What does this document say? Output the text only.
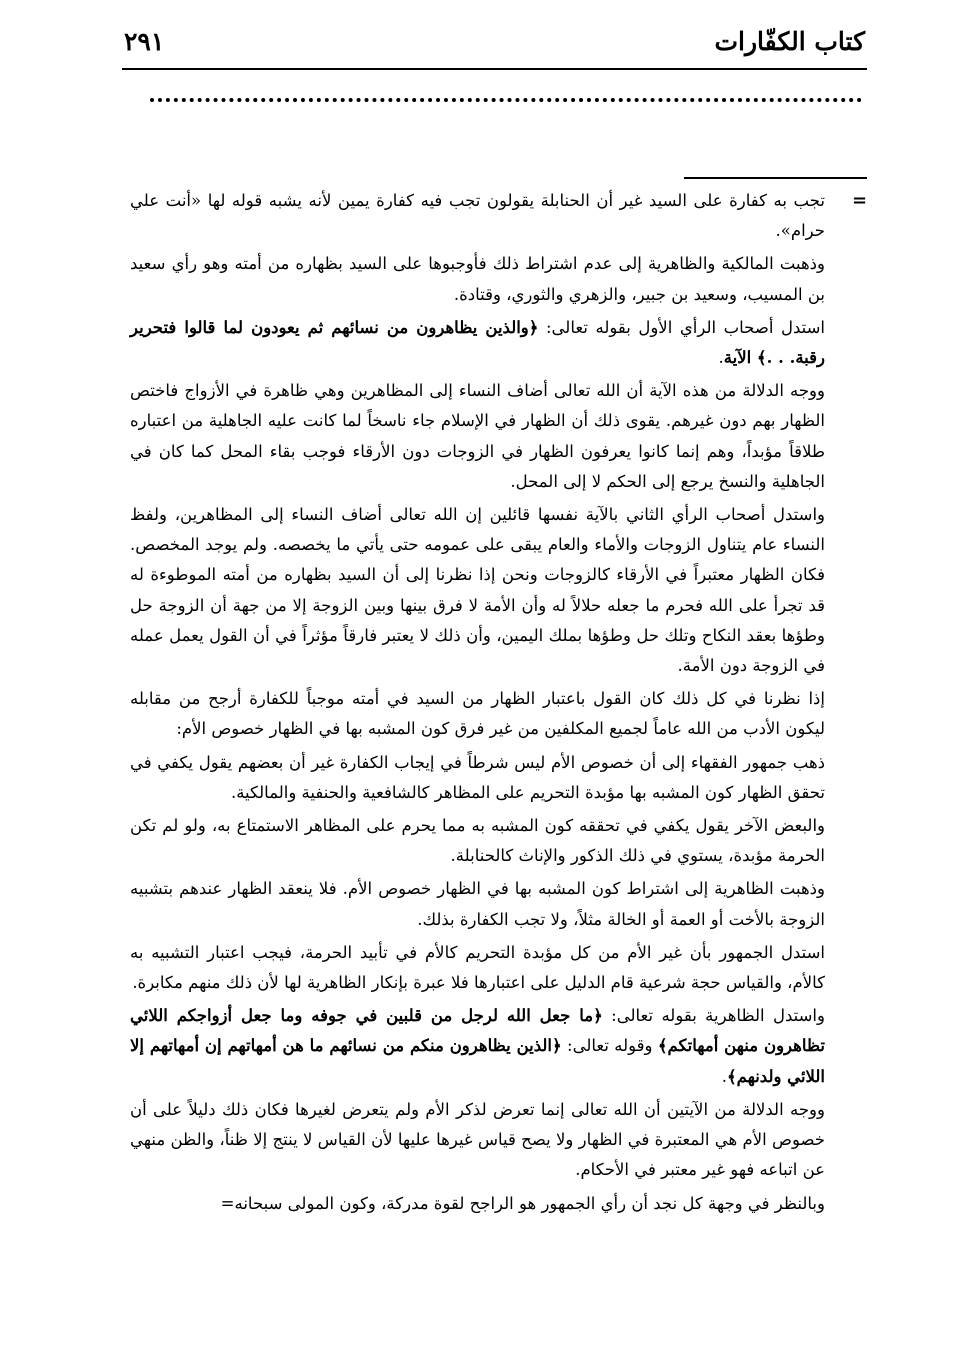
كتاب الكفّارات
٢٩١
=

تجب به كفارة على السيد غير أن الحنابلة يقولون تجب فيه كفارة يمين لأنه يشبه قوله لها «أنت علي حرام».

وذهبت المالكية والظاهرية إلى عدم اشتراط ذلك فأوجبوها على السيد بظهاره من أمته وهو رأي سعيد بن المسيب، وسعيد بن جبير، والزهري والثوري، وقتادة.

استدل أصحاب الرأي الأول بقوله تعالى: ﴿والذين يظاهرون من نسائهم ثم يعودون لما قالوا فتحرير رقبة. . .﴾ الآية.

ووجه الدلالة من هذه الآية أن الله تعالى أضاف النساء إلى المظاهرين وهي ظاهرة في الأزواج فاختص الظهار بهم دون غيرهم. يقوى ذلك أن الظهار في الإسلام جاء ناسخاً لما كانت عليه الجاهلية من اعتباره طلاقاً مؤبداً، وهم إنما كانوا يعرفون الظهار في الزوجات دون الأرقاء فوجب بقاء المحل كما كان في الجاهلية والنسخ يرجع إلى الحكم لا إلى المحل.

واستدل أصحاب الرأي الثاني بالآية نفسها قائلين إن الله تعالى أضاف النساء إلى المظاهرين، ولفظ النساء عام يتناول الزوجات والأماء والعام يبقى على عمومه حتى يأتي ما يخصصه. ولم يوجد المخصص. فكان الظهار معتبراً في الأرقاء كالزوجات ونحن إذا نظرنا إلى أن السيد بظهاره من أمته الموطوءة له قد تجرأ على الله فحرم ما جعله حلالاً له وأن الأمة لا فرق بينها وبين الزوجة إلا من جهة أن الزوجة حل وطؤها بعقد النكاح وتلك حل وطؤها بملك اليمين، وأن ذلك لا يعتبر فارقاً مؤثراً في أن القول يعمل عمله في الزوجة دون الأمة.

إذا نظرنا في كل ذلك كان القول باعتبار الظهار من السيد في أمته موجباً للكفارة أرجح من مقابله ليكون الأدب من الله عاماً لجميع المكلفين من غير فرق كون المشبه بها في الظهار خصوص الأم:

ذهب جمهور الفقهاء إلى أن خصوص الأم ليس شرطاً في إيجاب الكفارة غير أن بعضهم يقول يكفي في تحقق الظهار كون المشبه بها مؤبدة التحريم على المظاهر كالشافعية والحنفية والمالكية.

والبعض الآخر يقول يكفي في تحققه كون المشبه به مما يحرم على المظاهر الاستمتاع به، ولو لم تكن الحرمة مؤبدة، يستوي في ذلك الذكور والإناث كالحنابلة.

وذهبت الظاهرية إلى اشتراط كون المشبه بها في الظهار خصوص الأم. فلا ينعقد الظهار عندهم بتشبيه الزوجة بالأخت أو العمة أو الخالة مثلاً، ولا تجب الكفارة بذلك.

استدل الجمهور بأن غير الأم من كل مؤبدة التحريم كالأم في تأبيد الحرمة، فيجب اعتبار التشبيه به كالأم، والقياس حجة شرعية قام الدليل على اعتبارها فلا عبرة بإنكار الظاهرية لها لأن ذلك منهم مكابرة.

واستدل الظاهرية بقوله تعالى: ﴿ما جعل الله لرجل من قلبين في جوفه وما جعل أزواجكم اللائي تظاهرون منهن أمهاتكم﴾ وقوله تعالى: ﴿الذين يظاهرون منكم من نسائهم ما هن أمهاتهم إن أمهاتهم إلا اللائي ولدنهم﴾.

ووجه الدلالة من الآيتين أن الله تعالى إنما تعرض لذكر الأم ولم يتعرض لغيرها فكان ذلك دليلاً على أن خصوص الأم هي المعتبرة في الظهار ولا يصح قياس غيرها عليها لأن القياس لا ينتج إلا ظناً، والظن منهي عن اتباعه فهو غير معتبر في الأحكام.

وبالنظر في وجهة كل نجد أن رأي الجمهور هو الراجح لقوة مدركة، وكون المولى سبحانه=
